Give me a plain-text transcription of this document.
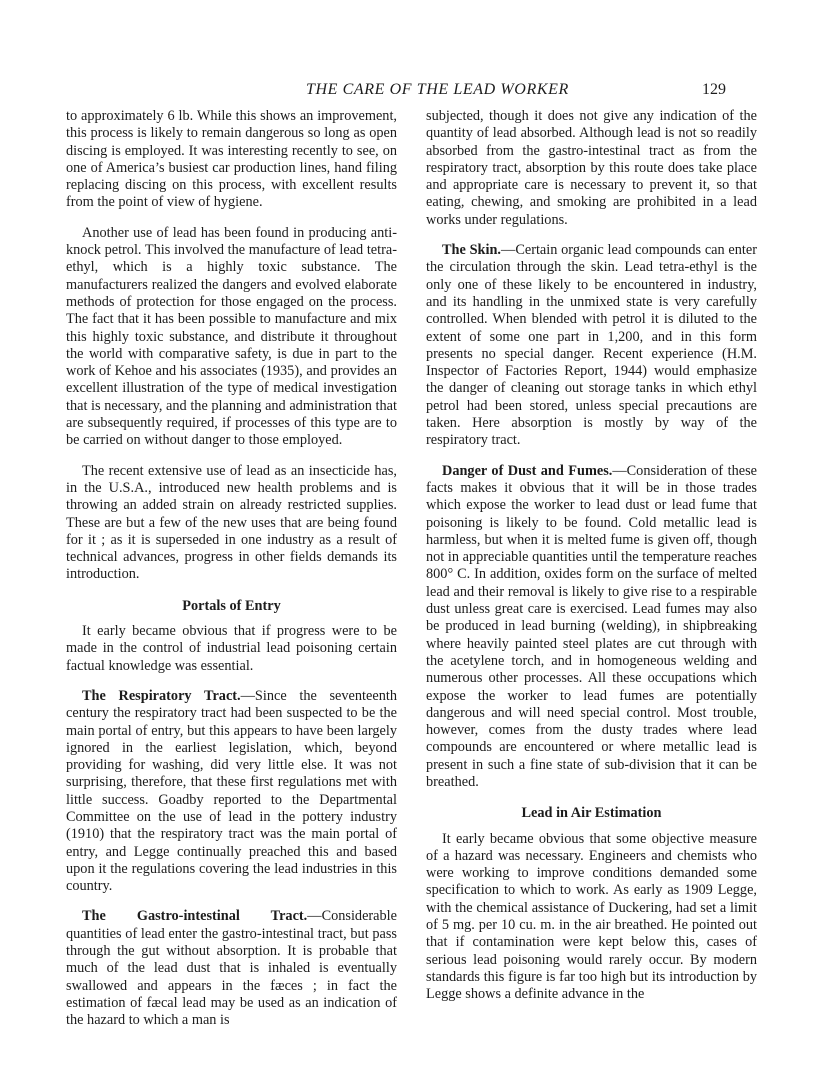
THE CARE OF THE LEAD WORKER	129

to approximately 6 lb. While this shows an improvement, this process is likely to remain dangerous so long as open discing is employed. It was interesting recently to see, on one of America’s busiest car production lines, hand filing replacing discing on this process, with excellent results from the point of view of hygiene.

Another use of lead has been found in producing anti-knock petrol. This involved the manufacture of lead tetra-ethyl, which is a highly toxic substance. The manufacturers realized the dangers and evolved elaborate methods of protection for those engaged on the process. The fact that it has been possible to manufacture and mix this highly toxic substance, and distribute it throughout the world with comparative safety, is due in part to the work of Kehoe and his associates (1935), and provides an excellent illustration of the type of medical investigation that is necessary, and the planning and administration that are subsequently required, if processes of this type are to be carried on without danger to those employed.

The recent extensive use of lead as an insecticide has, in the U.S.A., introduced new health problems and is throwing an added strain on already restricted supplies. These are but a few of the new uses that are being found for it ; as it is superseded in one industry as a result of technical advances, progress in other fields demands its introduction.

Portals of Entry

It early became obvious that if progress were to be made in the control of industrial lead poisoning certain factual knowledge was essential.

The Respiratory Tract.—Since the seventeenth century the respiratory tract had been suspected to be the main portal of entry, but this appears to have been largely ignored in the earliest legislation, which, beyond providing for washing, did very little else. It was not surprising, therefore, that these first regulations met with little success. Goadby reported to the Departmental Committee on the use of lead in the pottery industry (1910) that the respiratory tract was the main portal of entry, and Legge continually preached this and based upon it the regulations covering the lead industries in this country.

The Gastro-intestinal Tract.—Considerable quantities of lead enter the gastro-intestinal tract, but pass through the gut without absorption. It is probable that much of the lead dust that is inhaled is eventually swallowed and appears in the fæces ; in fact the estimation of fæcal lead may be used as an indication of the hazard to which a man is

subjected, though it does not give any indication of the quantity of lead absorbed. Although lead is not so readily absorbed from the gastro-intestinal tract as from the respiratory tract, absorption by this route does take place and appropriate care is necessary to prevent it, so that eating, chewing, and smoking are prohibited in a lead works under regulations.

The Skin.—Certain organic lead compounds can enter the circulation through the skin. Lead tetra-ethyl is the only one of these likely to be encountered in industry, and its handling in the unmixed state is very carefully controlled. When blended with petrol it is diluted to the extent of some one part in 1,200, and in this form presents no special danger. Recent experience (H.M. Inspector of Factories Report, 1944) would emphasize the danger of cleaning out storage tanks in which ethyl petrol had been stored, unless special precautions are taken. Here absorption is mostly by way of the respiratory tract.

Danger of Dust and Fumes.—Consideration of these facts makes it obvious that it will be in those trades which expose the worker to lead dust or lead fume that poisoning is likely to be found. Cold metallic lead is harmless, but when it is melted fume is given off, though not in appreciable quantities until the temperature reaches 800° C. In addition, oxides form on the surface of melted lead and their removal is likely to give rise to a respirable dust unless great care is exercised. Lead fumes may also be produced in lead burning (welding), in shipbreaking where heavily painted steel plates are cut through with the acetylene torch, and in homogeneous welding and numerous other processes. All these occupations which expose the worker to lead fumes are potentially dangerous and will need special control. Most trouble, however, comes from the dusty trades where lead compounds are encountered or where metallic lead is present in such a fine state of sub-division that it can be breathed.

Lead in Air Estimation

It early became obvious that some objective measure of a hazard was necessary. Engineers and chemists who were working to improve conditions demanded some specification to which to work. As early as 1909 Legge, with the chemical assistance of Duckering, had set a limit of 5 mg. per 10 cu. m. in the air breathed. He pointed out that if contamination were kept below this, cases of serious lead poisoning would rarely occur. By modern standards this figure is far too high but its introduction by Legge shows a definite advance in the
